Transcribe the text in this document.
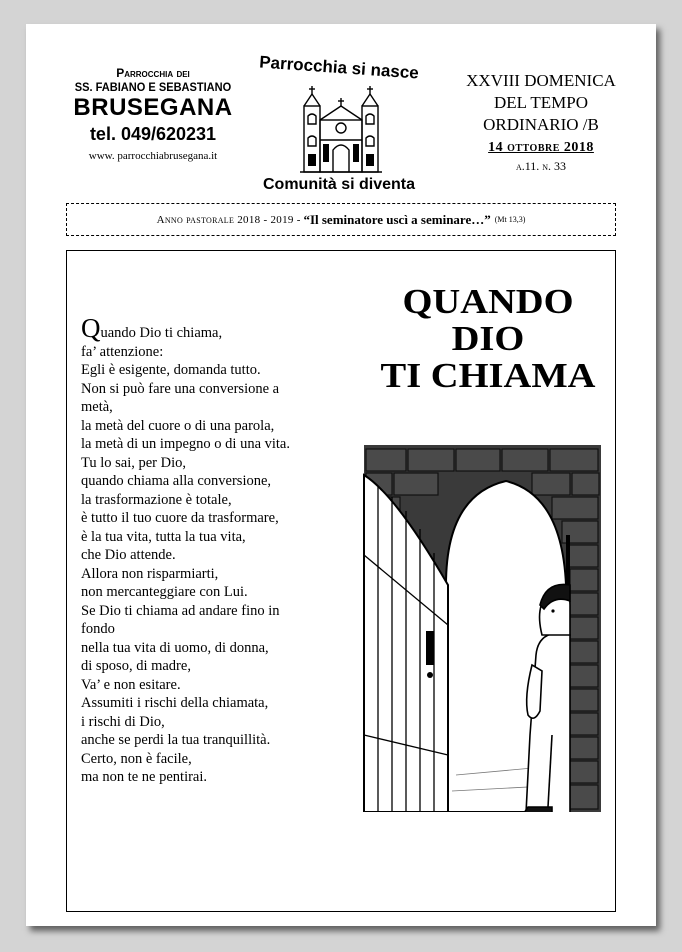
Parrocchia dei
SS. FABIANO E SEBASTIANO
BRUSEGANA
tel. 049/620231
www. parrocchiabrusegana.it
Parrocchia si nasce
Comunità si diventa
XXVIII DOMENICA
DEL TEMPO
ORDINARIO /B
14 ottobre 2018
a.11. n. 33
Anno pastorale 2018 - 2019 -
“Il seminatore uscì a seminare…” (Mt 13,3)
Quando Dio ti chiama,
fa’ attenzione:
Egli è esigente, domanda tutto.
Non si può fare una conversione a
metà,
la metà del cuore o di una parola,
la metà di un impegno o di una vita.
Tu lo sai, per Dio,
quando chiama alla conversione,
la trasformazione è totale,
è tutto il tuo cuore da trasformare,
è la tua vita, tutta la tua vita,
che Dio attende.
Allora non risparmiarti,
non mercanteggiare con Lui.
Se Dio ti chiama ad andare fino in
fondo
nella tua vita di uomo, di donna,
di sposo, di madre,
Va’ e non esitare.
Assumiti i rischi della chiamata,
i rischi di Dio,
anche se perdi la tua tranquillità.
Certo, non è facile,
ma non te ne pentirai.
QUANDO
DIO
TI CHIAMA
